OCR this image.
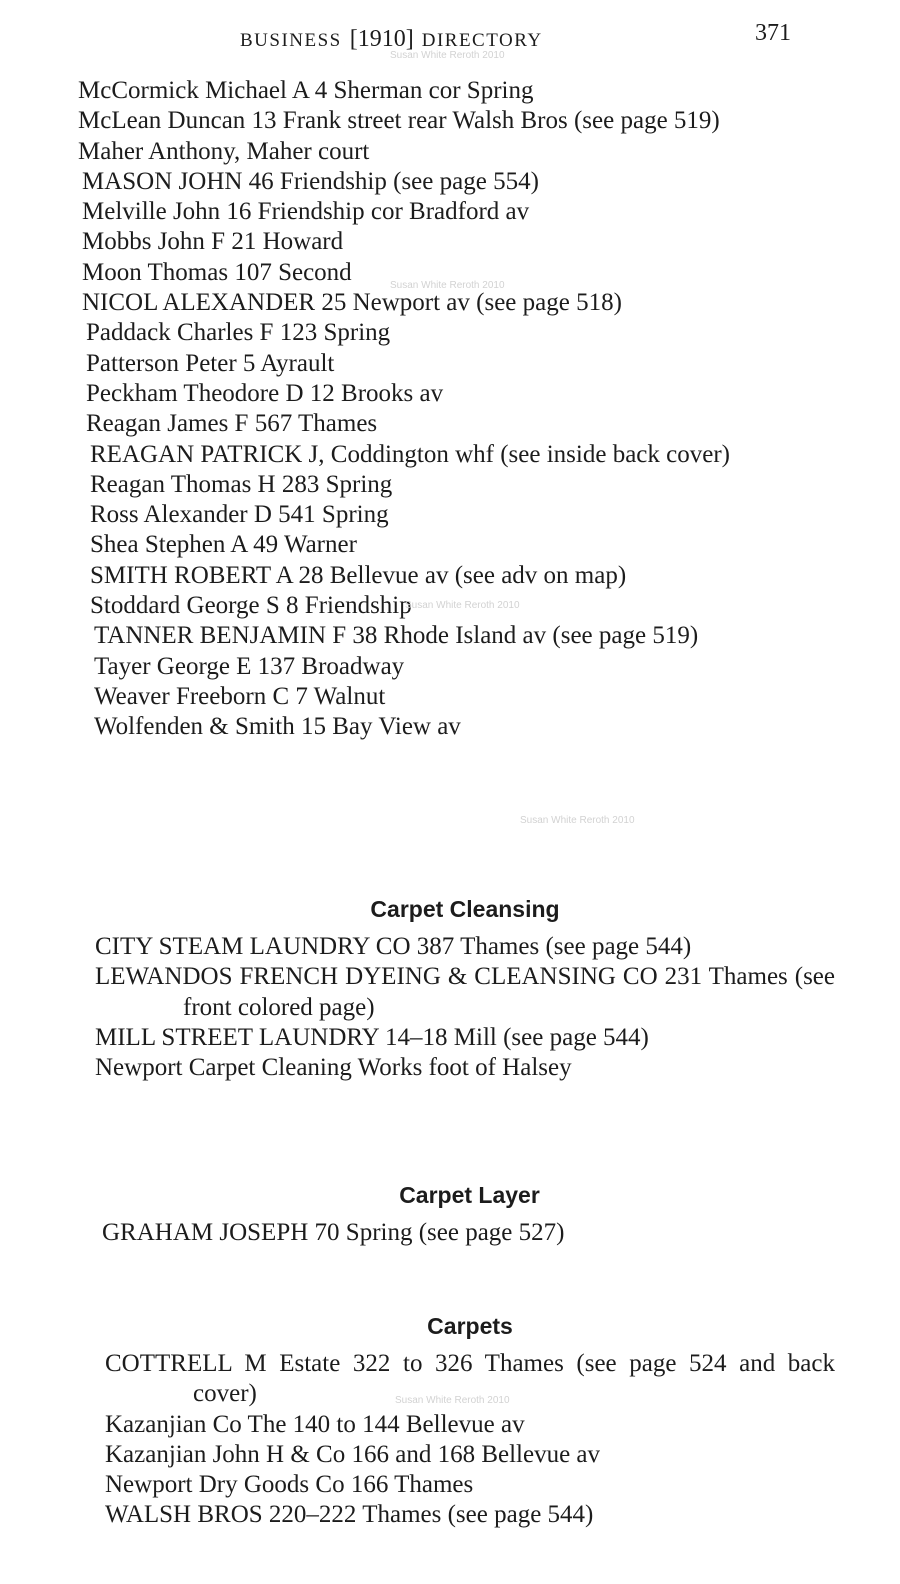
BUSINESS [1910] DIRECTORY	371

McCormick Michael A 4 Sherman cor Spring

McLean Duncan 13 Frank street rear Walsh Bros (see page 519)

Maher Anthony, Maher court

MASON JOHN 46 Friendship (see page 554)

Melville John 16 Friendship cor Bradford av

Mobbs John F 21 Howard

Moon Thomas 107 Second

NICOL ALEXANDER 25 Newport av (see page 518)

Paddack Charles F 123 Spring

Patterson Peter 5 Ayrault

Peckham Theodore D 12 Brooks av

Reagan James F 567 Thames

REAGAN PATRICK J, Coddington whf (see inside back cover)

Reagan Thomas H 283 Spring

Ross Alexander D 541 Spring

Shea Stephen A 49 Warner

SMITH ROBERT A 28 Bellevue av (see adv on map)

Stoddard George S 8 Friendship

TANNER BENJAMIN F 38 Rhode Island av (see page 519)

Tayer George E 137 Broadway

Weaver Freeborn C 7 Walnut

Wolfenden & Smith 15 Bay View av

Carpet Cleansing

CITY STEAM LAUNDRY CO 387 Thames (see page 544)

LEWANDOS FRENCH DYEING & CLEANSING CO 231 Thames (see front colored page)

MILL STREET LAUNDRY 14–18 Mill (see page 544)

Newport Carpet Cleaning Works foot of Halsey

Carpet Layer

GRAHAM JOSEPH 70 Spring (see page 527)

Carpets

COTTRELL M Estate 322 to 326 Thames (see page 524 and back cover)

Kazanjian Co The 140 to 144 Bellevue av

Kazanjian John H & Co 166 and 168 Bellevue av

Newport Dry Goods Co 166 Thames

WALSH BROS 220–222 Thames (see page 544)

Susan White Reroth 2010
Susan White Reroth 2010
Susan White Reroth 2010
Susan White Reroth 2010
Susan White Reroth 2010
